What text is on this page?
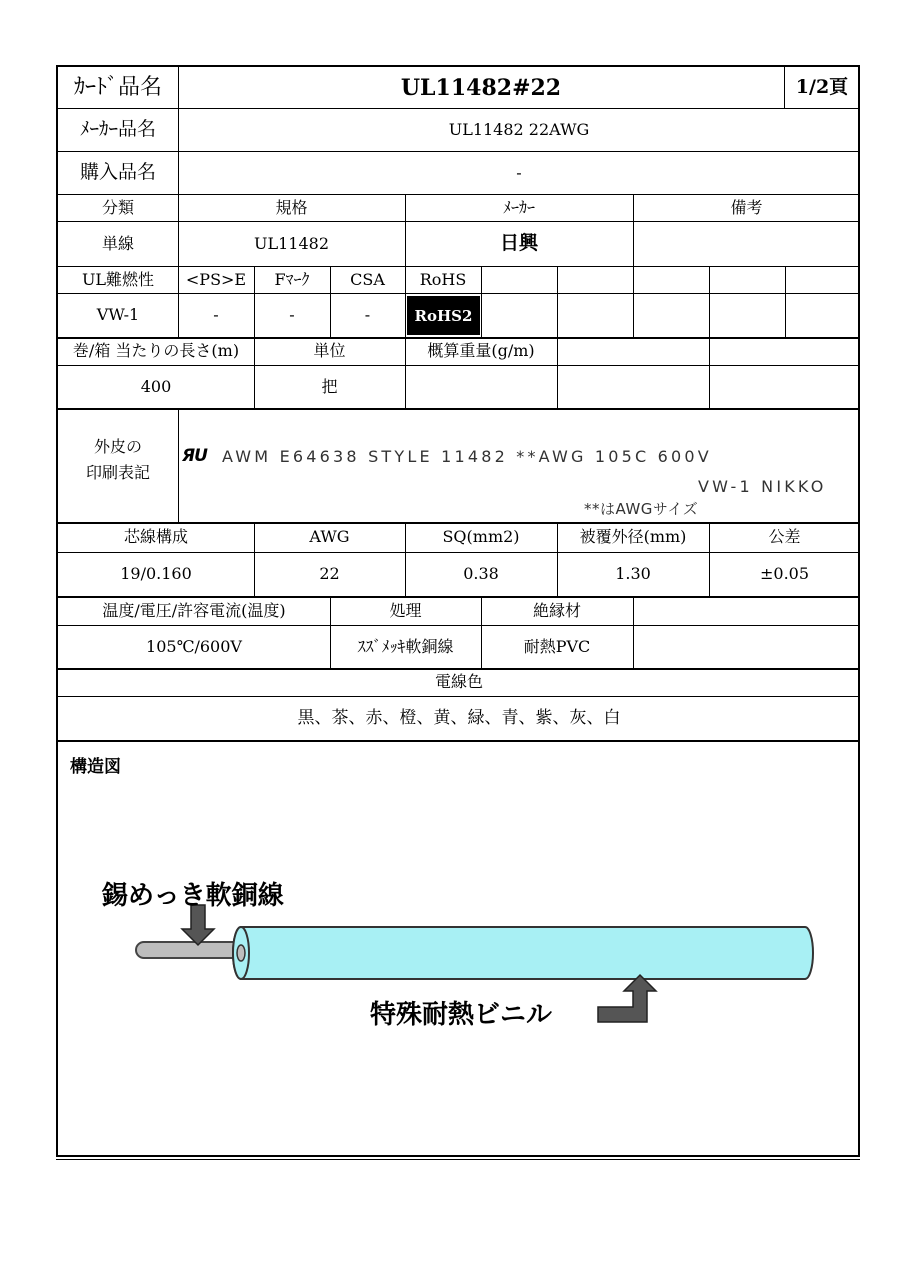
ｶｰﾄﾞ品名	UL11482#22	1/2頁
ﾒｰｶｰ品名	UL11482 22AWG
購入品名	-
分類	規格	ﾒｰｶｰ	備考
単線	UL11482	日興
UL難燃性	<PS>E	Fﾏｰｸ	CSA	RoHS
VW-1	-	-	-	RoHS2
巻/箱 当たりの長さ(m)	単位	概算重量(g/m)
400	把
外皮の
印刷表記
ЯU AWM E64638 STYLE 11482 **AWG 105C 600V
VW-1 NIKKO
**はAWGサイズ
芯線構成	AWG	SQ(mm2)	被覆外径(mm)	公差
19/0.160	22	0.38	1.30	±0.05
温度/電圧/許容電流(温度)	処理	絶縁材
105℃/600V	ｽｽﾞﾒｯｷ軟銅線	耐熱PVC
電線色
黒、茶、赤、橙、黄、緑、青、紫、灰、白
構造図
錫めっき軟銅線
特殊耐熱ビニル
